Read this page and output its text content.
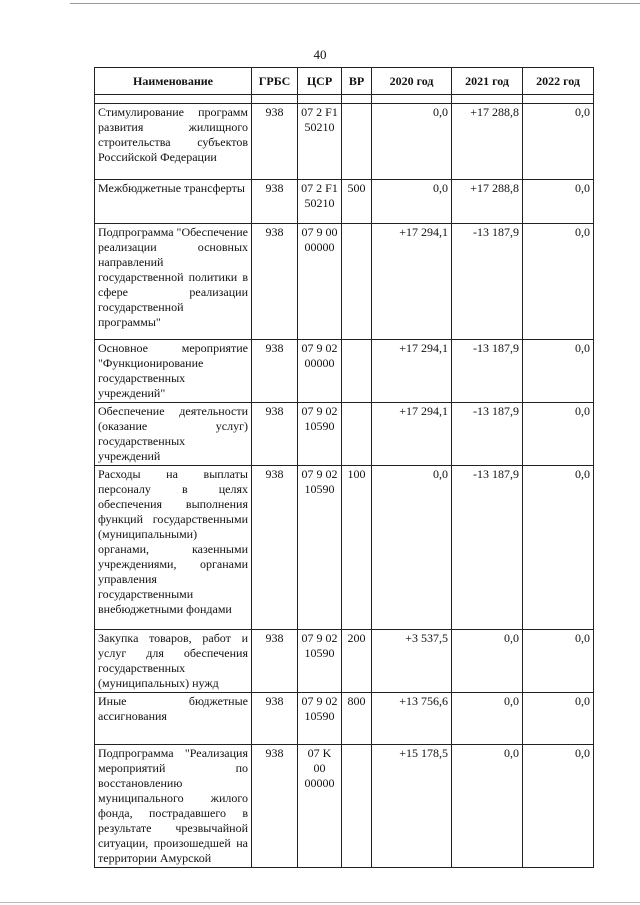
40
Наименование	ГРБС	ЦСР	ВР	2020 год	2021 год	2022 год

Стимулирование программ развития жилищного строительства субъектов Российской Федерации	938	07 2 F1 50210		0,0	+17 288,8	0,0
Межбюджетные трансферты	938	07 2 F1 50210	500	0,0	+17 288,8	0,0
Подпрограмма "Обеспечение реализации основных направлений государственной политики в сфере реализации государственной программы"	938	07 9 00 00000		+17 294,1	-13 187,9	0,0
Основное мероприятие "Функционирование государственных учреждений"	938	07 9 02 00000		+17 294,1	-13 187,9	0,0
Обеспечение деятельности (оказание услуг) государственных учреждений	938	07 9 02 10590		+17 294,1	-13 187,9	0,0
Расходы на выплаты персоналу в целях обеспечения выполнения функций государственными (муниципальными) органами, казенными учреждениями, органами управления государственными внебюджетными фондами	938	07 9 02 10590	100	0,0	-13 187,9	0,0
Закупка товаров, работ и услуг для обеспечения государственных (муниципальных) нужд	938	07 9 02 10590	200	+3 537,5	0,0	0,0
Иные бюджетные ассигнования	938	07 9 02 10590	800	+13 756,6	0,0	0,0
Подпрограмма "Реализация мероприятий по восстановлению муниципального жилого фонда, пострадавшего в результате чрезвычайной ситуации, произошедшей на территории Амурской	938	07 K 00 00000		+15 178,5	0,0	0,0
